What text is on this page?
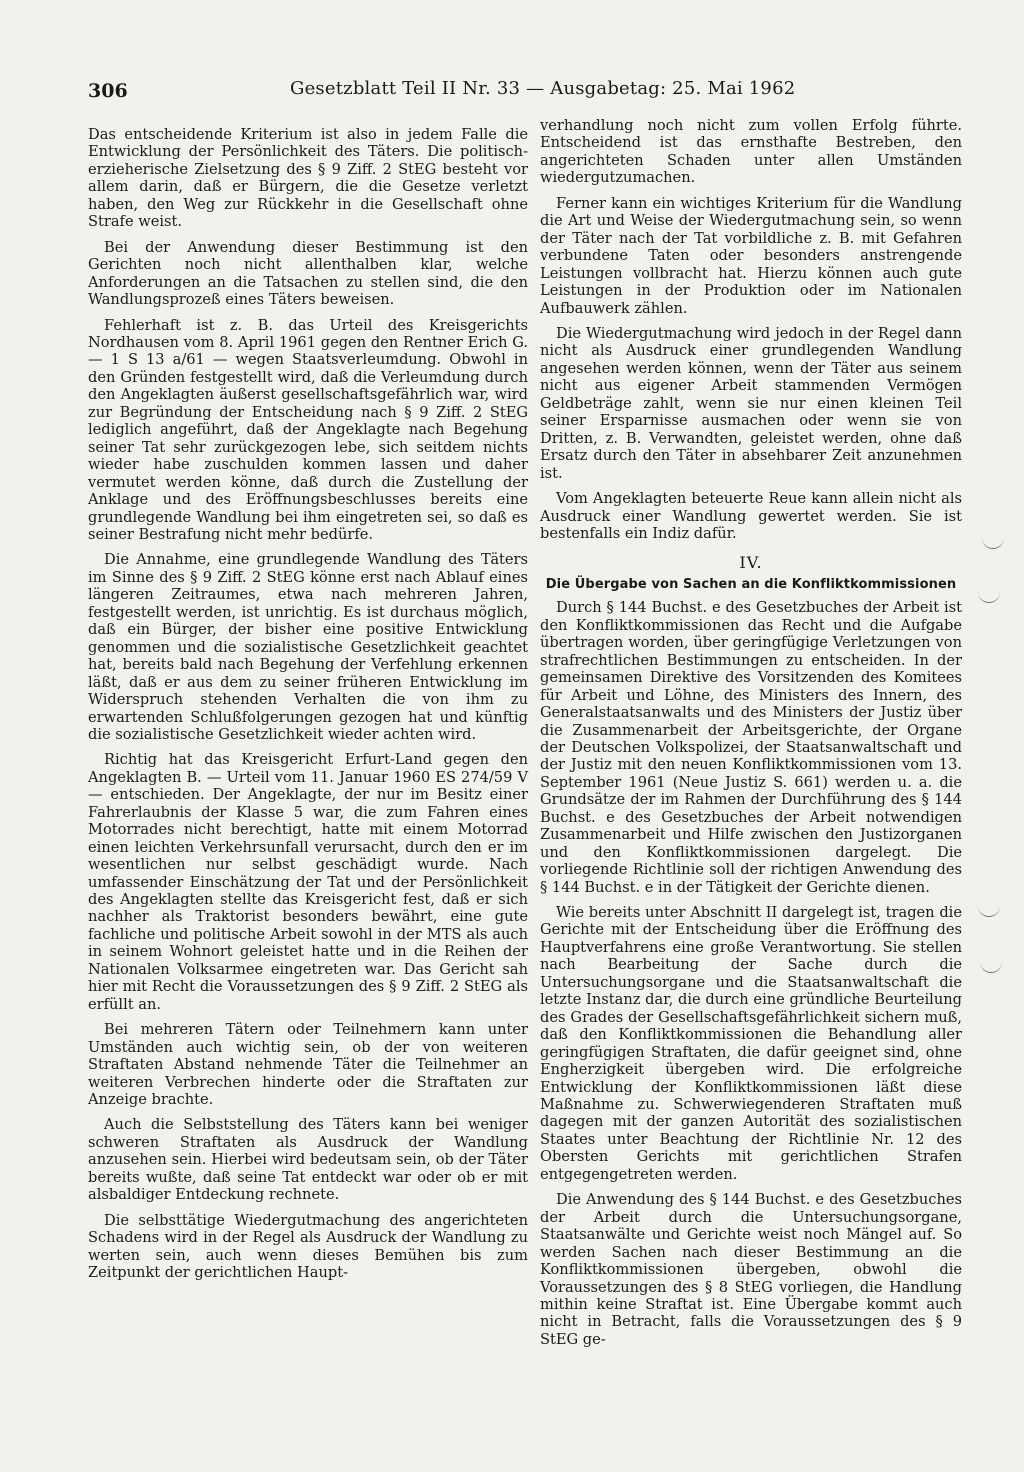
306	Gesetzblatt Teil II Nr. 33 — Ausgabetag: 25. Mai 1962

Das entscheidende Kriterium ist also in jedem Falle die Entwicklung der Persönlichkeit des Täters. Die politisch-erzieherische Zielsetzung des § 9 Ziff. 2 StEG besteht vor allem darin, daß er Bürgern, die die Gesetze verletzt haben, den Weg zur Rückkehr in die Gesellschaft ohne Strafe weist.

Bei der Anwendung dieser Bestimmung ist den Gerichten noch nicht allenthalben klar, welche Anforderungen an die Tatsachen zu stellen sind, die den Wandlungsprozeß eines Täters beweisen.

Fehlerhaft ist z. B. das Urteil des Kreisgerichts Nordhausen vom 8. April 1961 gegen den Rentner Erich G. — 1 S 13 a/61 — wegen Staatsverleumdung. Obwohl in den Gründen festgestellt wird, daß die Verleumdung durch den Angeklagten äußerst gesellschaftsgefährlich war, wird zur Begründung der Entscheidung nach § 9 Ziff. 2 StEG lediglich angeführt, daß der Angeklagte nach Begehung seiner Tat sehr zurückgezogen lebe, sich seitdem nichts wieder habe zuschulden kommen lassen und daher vermutet werden könne, daß durch die Zustellung der Anklage und des Eröffnungsbeschlusses bereits eine grundlegende Wandlung bei ihm eingetreten sei, so daß es seiner Bestrafung nicht mehr bedürfe.

Die Annahme, eine grundlegende Wandlung des Täters im Sinne des § 9 Ziff. 2 StEG könne erst nach Ablauf eines längeren Zeitraumes, etwa nach mehreren Jahren, festgestellt werden, ist unrichtig. Es ist durchaus möglich, daß ein Bürger, der bisher eine positive Entwicklung genommen und die sozialistische Gesetzlichkeit geachtet hat, bereits bald nach Begehung der Verfehlung erkennen läßt, daß er aus dem zu seiner früheren Entwicklung im Widerspruch stehenden Verhalten die von ihm zu erwartenden Schlußfolgerungen gezogen hat und künftig die sozialistische Gesetzlichkeit wieder achten wird.

Richtig hat das Kreisgericht Erfurt-Land gegen den Angeklagten B. — Urteil vom 11. Januar 1960 ES 274/59 V — entschieden. Der Angeklagte, der nur im Besitz einer Fahrerlaubnis der Klasse 5 war, die zum Fahren eines Motorrades nicht berechtigt, hatte mit einem Motorrad einen leichten Verkehrsunfall verursacht, durch den er im wesentlichen nur selbst geschädigt wurde. Nach umfassender Einschätzung der Tat und der Persönlichkeit des Angeklagten stellte das Kreisgericht fest, daß er sich nachher als Traktorist besonders bewährt, eine gute fachliche und politische Arbeit sowohl in der MTS als auch in seinem Wohnort geleistet hatte und in die Reihen der Nationalen Volksarmee eingetreten war. Das Gericht sah hier mit Recht die Voraussetzungen des § 9 Ziff. 2 StEG als erfüllt an.

Bei mehreren Tätern oder Teilnehmern kann unter Umständen auch wichtig sein, ob der von weiteren Straftaten Abstand nehmende Täter die Teilnehmer an weiteren Verbrechen hinderte oder die Straftaten zur Anzeige brachte.

Auch die Selbststellung des Täters kann bei weniger schweren Straftaten als Ausdruck der Wandlung anzusehen sein. Hierbei wird bedeutsam sein, ob der Täter bereits wußte, daß seine Tat entdeckt war oder ob er mit alsbaldiger Entdeckung rechnete.

Die selbsttätige Wiedergutmachung des angerichteten Schadens wird in der Regel als Ausdruck der Wandlung zu werten sein, auch wenn dieses Bemühen bis zum Zeitpunkt der gerichtlichen Haupt-

verhandlung noch nicht zum vollen Erfolg führte. Entscheidend ist das ernsthafte Bestreben, den angerichteten Schaden unter allen Umständen wiedergutzumachen.

Ferner kann ein wichtiges Kriterium für die Wandlung die Art und Weise der Wiedergutmachung sein, so wenn der Täter nach der Tat vorbildliche z. B. mit Gefahren verbundene Taten oder besonders anstrengende Leistungen vollbracht hat. Hierzu können auch gute Leistungen in der Produktion oder im Nationalen Aufbauwerk zählen.

Die Wiedergutmachung wird jedoch in der Regel dann nicht als Ausdruck einer grundlegenden Wandlung angesehen werden können, wenn der Täter aus seinem nicht aus eigener Arbeit stammenden Vermögen Geldbeträge zahlt, wenn sie nur einen kleinen Teil seiner Ersparnisse ausmachen oder wenn sie von Dritten, z. B. Verwandten, geleistet werden, ohne daß Ersatz durch den Täter in absehbarer Zeit anzunehmen ist.

Vom Angeklagten beteuerte Reue kann allein nicht als Ausdruck einer Wandlung gewertet werden. Sie ist bestenfalls ein Indiz dafür.

IV.
Die Übergabe von Sachen an die Konfliktkommissionen

Durch § 144 Buchst. e des Gesetzbuches der Arbeit ist den Konfliktkommissionen das Recht und die Aufgabe übertragen worden, über geringfügige Verletzungen von strafrechtlichen Bestimmungen zu entscheiden. In der gemeinsamen Direktive des Vorsitzenden des Komitees für Arbeit und Löhne, des Ministers des Innern, des Generalstaatsanwalts und des Ministers der Justiz über die Zusammenarbeit der Arbeitsgerichte, der Organe der Deutschen Volkspolizei, der Staatsanwaltschaft und der Justiz mit den neuen Konfliktkommissionen vom 13. September 1961 (Neue Justiz S. 661) werden u. a. die Grundsätze der im Rahmen der Durchführung des § 144 Buchst. e des Gesetzbuches der Arbeit notwendigen Zusammenarbeit und Hilfe zwischen den Justizorganen und den Konfliktkommissionen dargelegt. Die vorliegende Richtlinie soll der richtigen Anwendung des § 144 Buchst. e in der Tätigkeit der Gerichte dienen.

Wie bereits unter Abschnitt II dargelegt ist, tragen die Gerichte mit der Entscheidung über die Eröffnung des Hauptverfahrens eine große Verantwortung. Sie stellen nach Bearbeitung der Sache durch die Untersuchungsorgane und die Staatsanwaltschaft die letzte Instanz dar, die durch eine gründliche Beurteilung des Grades der Gesellschaftsgefährlichkeit sichern muß, daß den Konfliktkommissionen die Behandlung aller geringfügigen Straftaten, die dafür geeignet sind, ohne Engherzigkeit übergeben wird. Die erfolgreiche Entwicklung der Konfliktkommissionen läßt diese Maßnahme zu. Schwerwiegenderen Straftaten muß dagegen mit der ganzen Autorität des sozialistischen Staates unter Beachtung der Richtlinie Nr. 12 des Obersten Gerichts mit gerichtlichen Strafen entgegengetreten werden.

Die Anwendung des § 144 Buchst. e des Gesetzbuches der Arbeit durch die Untersuchungsorgane, Staatsanwälte und Gerichte weist noch Mängel auf. So werden Sachen nach dieser Bestimmung an die Konfliktkommissionen übergeben, obwohl die Voraussetzungen des § 8 StEG vorliegen, die Handlung mithin keine Straftat ist. Eine Übergabe kommt auch nicht in Betracht, falls die Voraussetzungen des § 9 StEG ge-
